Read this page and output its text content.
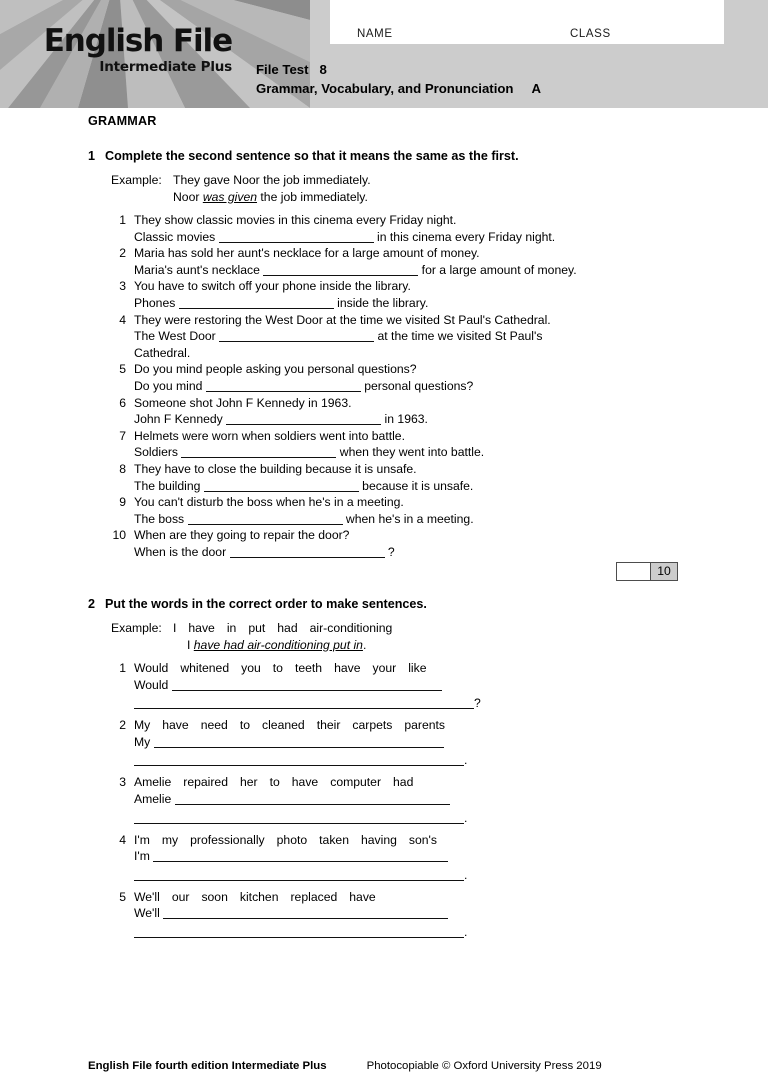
English File
Intermediate Plus
NAME	CLASS
File Test 8
Grammar, Vocabulary, and Pronunciation A
GRAMMAR
1 Complete the second sentence so that it means the same as the first.
Example: They gave Noor the job immediately.
Noor was given the job immediately.
1 They show classic movies in this cinema every Friday night.
Classic movies	in this cinema every Friday night.
2 Maria has sold her aunt's necklace for a large amount of money.
Maria's aunt's necklace	for a large amount of money.
3 You have to switch off your phone inside the library.
Phones	inside the library.
4 They were restoring the West Door at the time we visited St Paul's Cathedral.
The West Door	at the time we visited St Paul's
Cathedral.
5 Do you mind people asking you personal questions?
Do you mind	personal questions?
6 Someone shot John F Kennedy in 1963.
John F Kennedy	in 1963.
7 Helmets were worn when soldiers went into battle.
Soldiers	when they went into battle.
8 They have to close the building because it is unsafe.
The building	because it is unsafe.
9 You can't disturb the boss when he's in a meeting.
The boss	when he's in a meeting.
10 When are they going to repair the door?
When is the door	?
10
2 Put the words in the correct order to make sentences.
Example: I have in put had air-conditioning
I have had air-conditioning put in.
1 Would whitened you to teeth have your like
Would
?
2 My have need to cleaned their carpets parents
My
.
3 Amelie repaired her to have computer had
Amelie
.
4 I'm my professionally photo taken having son's
I'm
.
5 We'll our soon kitchen replaced have
We'll
.
English File fourth edition Intermediate Plus	Photocopiable © Oxford University Press 2019
